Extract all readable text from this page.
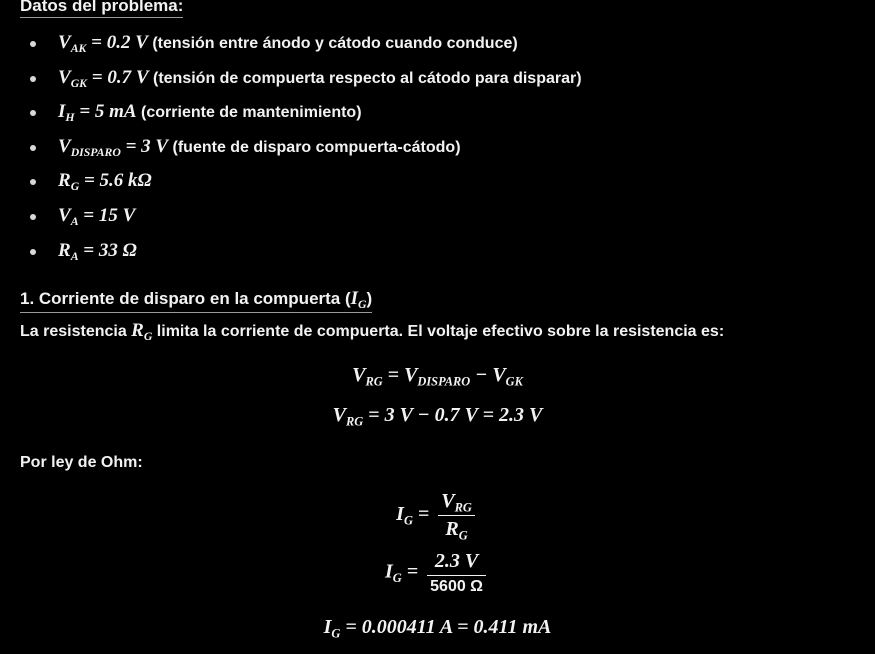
Datos del problema:
$V_{AK} = 0.2$ V (tensión entre ánodo y cátodo cuando conduce)
$V_{GK} = 0.7$ V (tensión de compuerta respecto al cátodo para disparar)
$I_H = 5$ mA (corriente de mantenimiento)
$V_{DISPARO} = 3$ V (fuente de disparo compuerta-cátodo)
$R_G = 5.6$ kΩ
$V_A = 15$ V
$R_A = 33$ Ω
1. Corriente de disparo en la compuerta $(I_G)$
La resistencia $R_G$ limita la corriente de compuerta. El voltaje efectivo sobre la resistencia es:
$V_{RG} = V_{DISPARO} - V_{GK}$
$V_{RG} = 3$ V − 0.7 V = 2.3 V
Por ley de Ohm:
$I_G = \frac{V_{RG}}{R_G}$
$I_G = \frac{2.3 V}{5600 \Omega}$
$I_G = 0.000411$ A = 0.411 mA
